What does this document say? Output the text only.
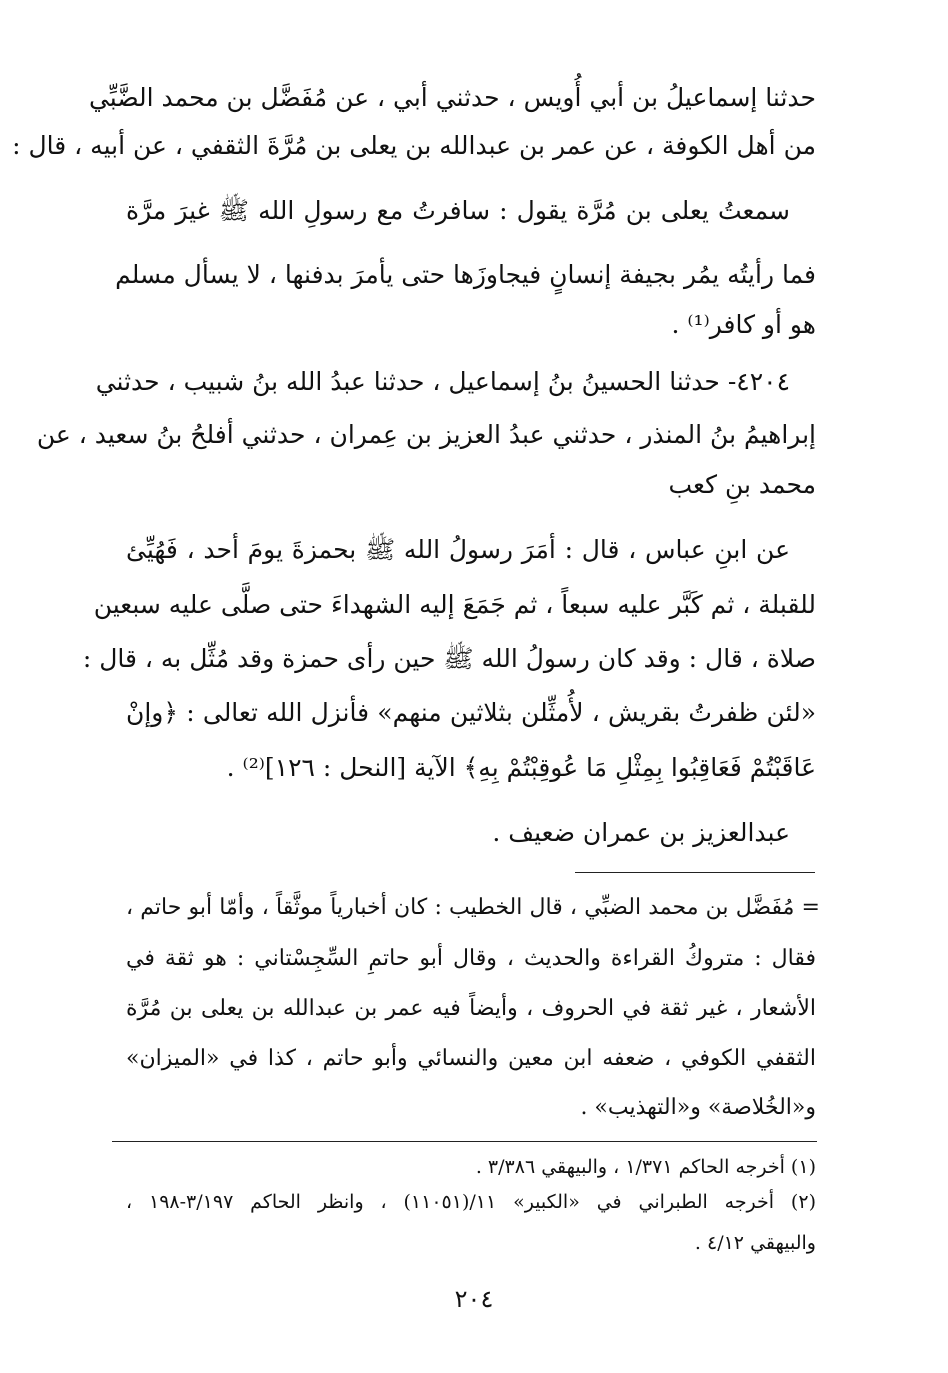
حدثنا إسماعيلُ بن أبي أُويس ، حدثني أبي ، عن مُفَضَّل بن محمد الضَّبِّي
من أهل الكوفة ، عن عمر بن عبدالله بن يعلى بن مُرَّةَ الثقفي ، عن أبيه ، قال :
سمعتُ يعلى بن مُرَّة يقول : سافرتُ مع رسولِ الله ﷺ غيرَ مرَّة
فما رأيتُه يمُر بجيفة إنسانٍ فيجاوزَها حتى يأمرَ بدفنها ، لا يسأل مسلم
هو أو كافر⁽¹⁾ .
٤٢٠٤- حدثنا الحسينُ بنُ إسماعيل ، حدثنا عبدُ الله بنُ شبيب ، حدثني
إبراهيمُ بنُ المنذر ، حدثني عبدُ العزيز بن عِمران ، حدثني أفلحُ بنُ سعيد ، عن
محمد بنِ كعب
عن ابنِ عباس ، قال : أمَرَ رسولُ الله ﷺ بحمزةَ يومَ أحد ، فَهُيِّئ
للقبلة ، ثم كَبَّر عليه سبعاً ، ثم جَمَعَ إليه الشهداءَ حتى صلَّى عليه سبعين
صلاة ، قال : وقد كان رسولُ الله ﷺ حين رأى حمزة وقد مُثِّل به ، قال :
«لئن ظفرتُ بقريش ، لأُمثِّلن بثلاثين منهم» فأنزل الله تعالى : ﴿وإنْ
عَاقَبْتُمْ فَعَاقِبُوا بِمِثْلِ مَا عُوقِبْتُمْ بِهِ﴾ الآية [النحل : ١٢٦]⁽²⁾ .
عبدالعزيز بن عمران ضعيف .
= مُفَضَّل بن محمد الضبِّي ، قال الخطيب : كان أخبارياً موثَّقاً ، وأمّا أبو حاتم ،
فقال : متروكُ القراءة والحديث ، وقال أبو حاتمِ السِّجِسْتاني : هو ثقة في
الأشعار ، غير ثقة في الحروف ، وأيضاً فيه عمر بن عبدالله بن يعلى بن مُرَّة
الثقفي الكوفي ، ضعفه ابن معين والنسائي وأبو حاتم ، كذا في «الميزان»
و«الخُلاصة» و«التهذيب» .
(١) أخرجه الحاكم ١/٣٧١ ، والبيهقي ٣/٣٨٦ .
(٢) أخرجه الطبراني في «الكبير» ١١/(١١٠٥١) ، وانظر الحاكم ٣/١٩٧-١٩٨ ،
والبيهقي ٤/١٢ .
٢٠٤
